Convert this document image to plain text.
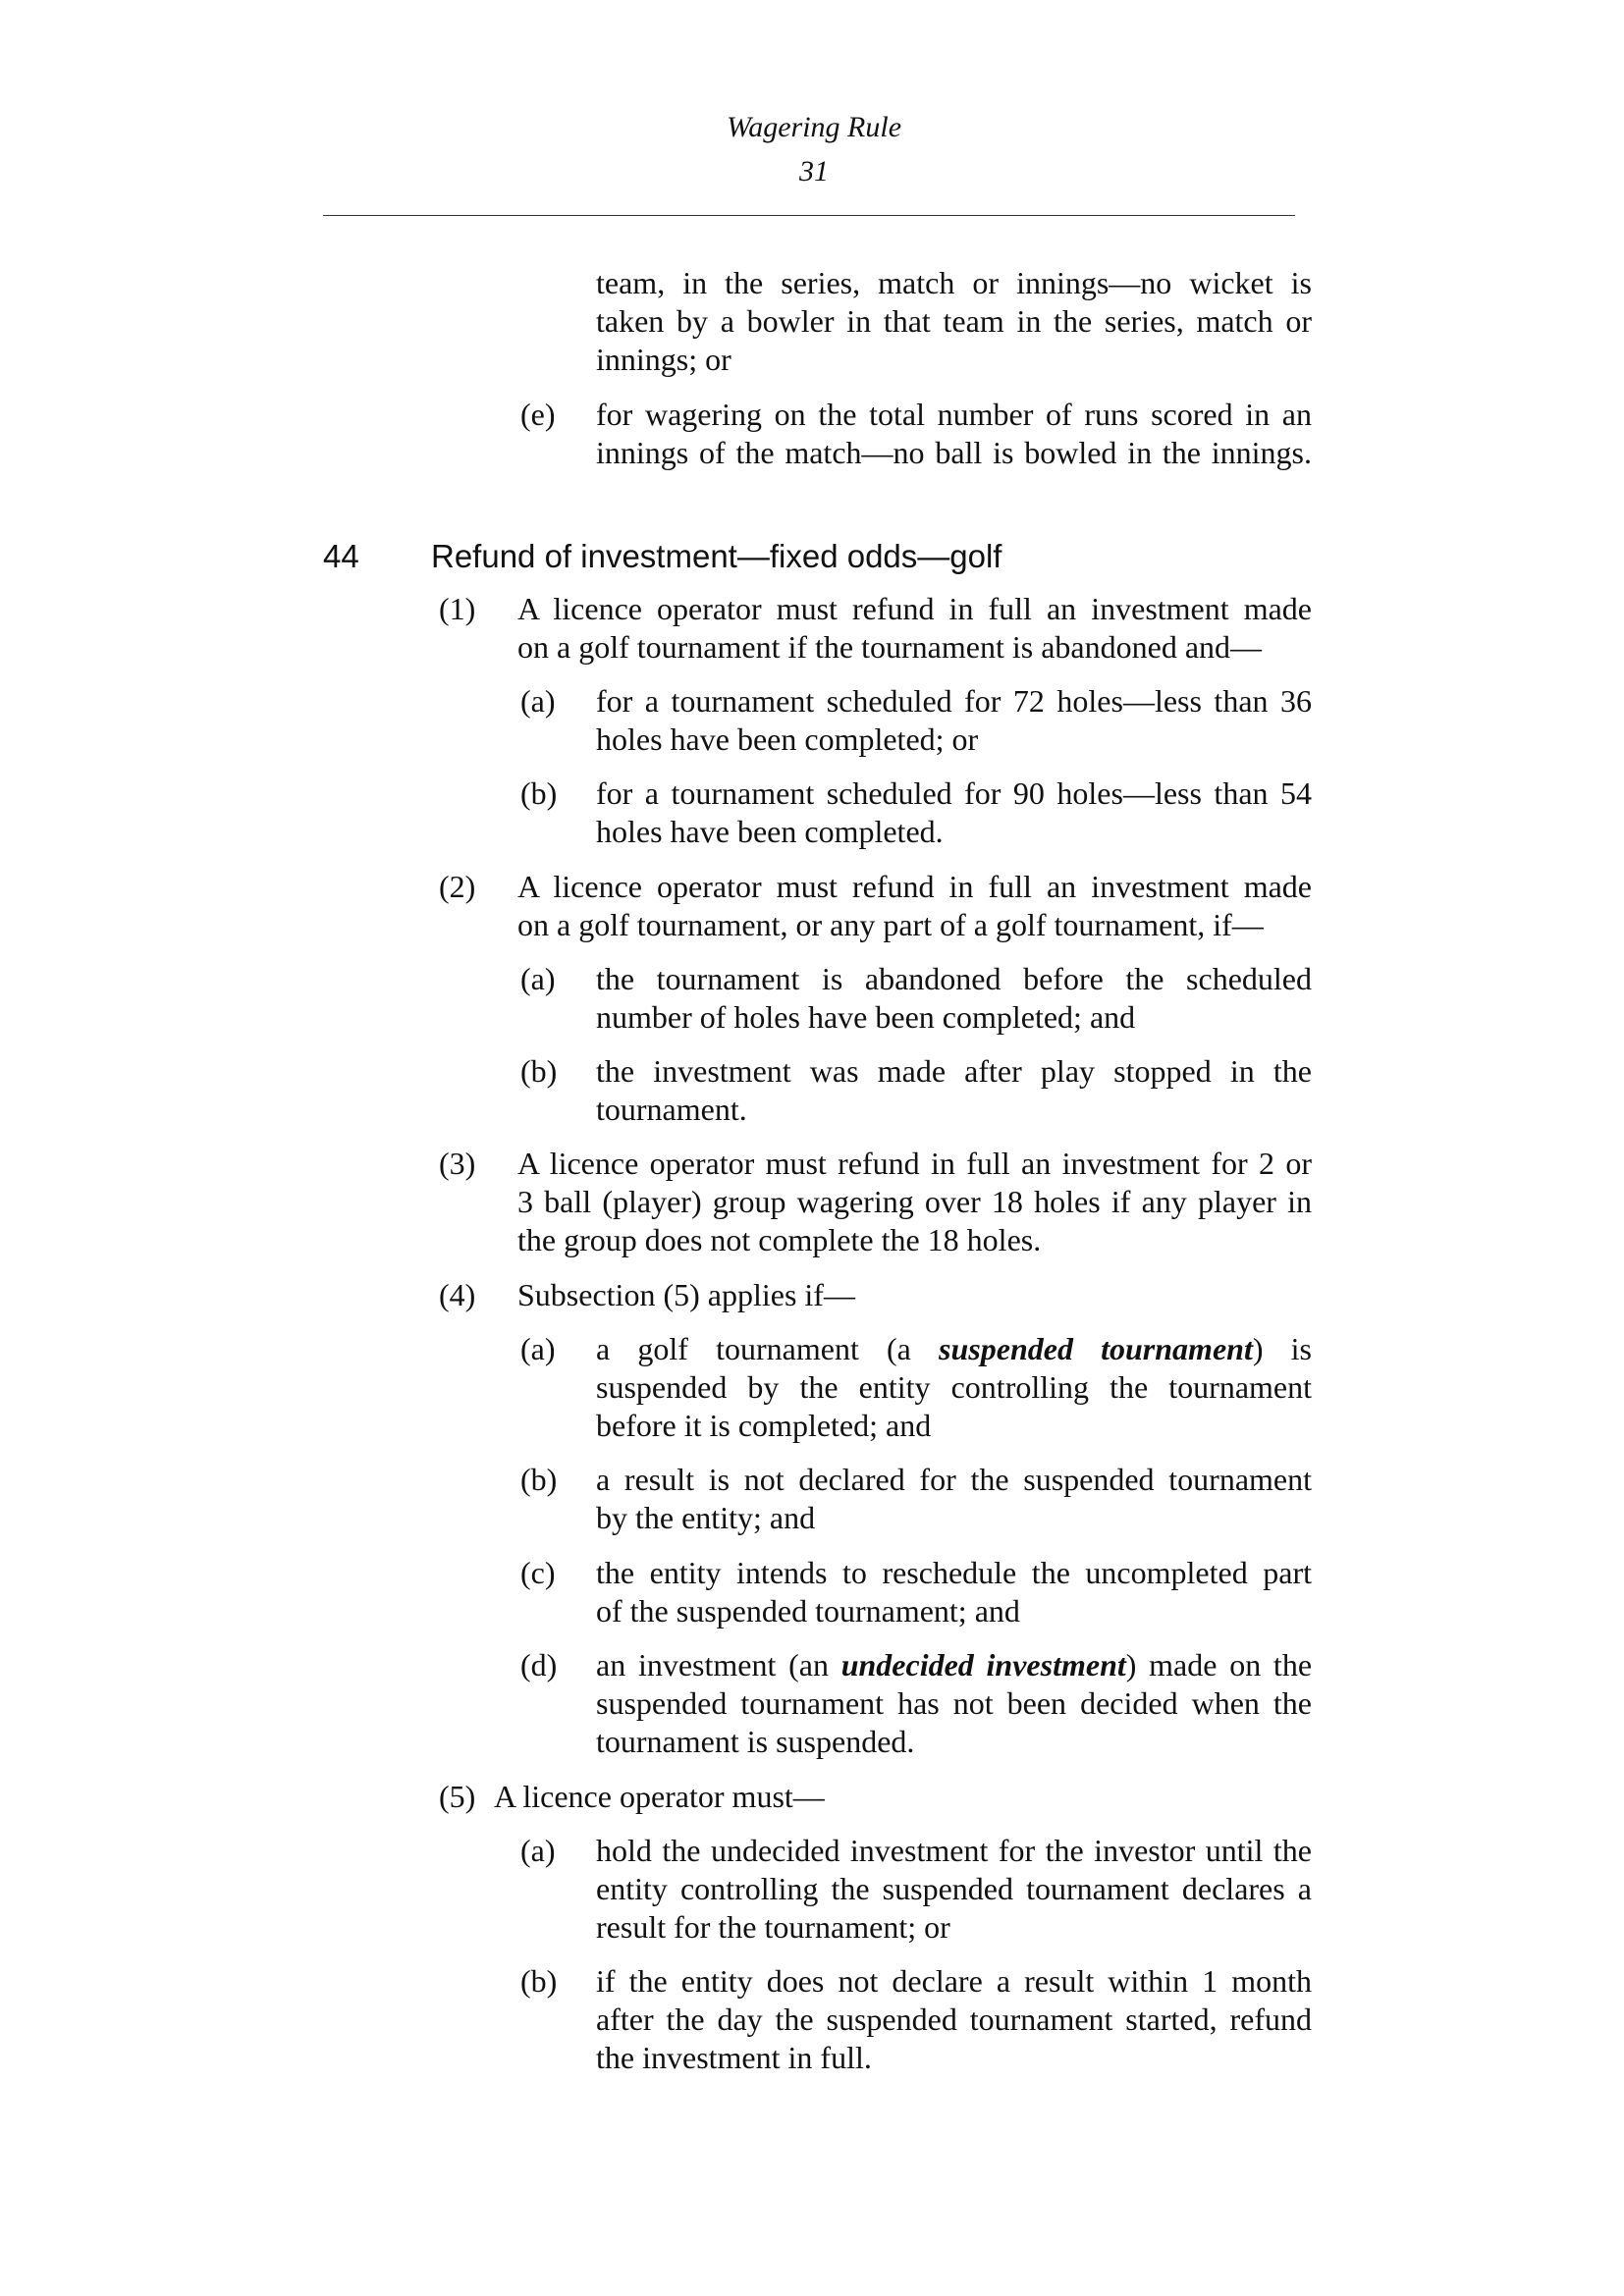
Wagering Rule
31
team, in the series, match or innings—no wicket is
taken by a bowler in that team in the series, match or
innings; or
(e)	for wagering on the total number of runs scored in an
innings of the match—no ball is bowled in the innings.
44 Refund of investment—fixed odds—golf
(1)	A licence operator must refund in full an investment made
on a golf tournament if the tournament is abandoned and—
(a)	for a tournament scheduled for 72 holes—less than 36
holes have been completed; or
(b)	for a tournament scheduled for 90 holes—less than 54
holes have been completed.
(2)	A licence operator must refund in full an investment made
on a golf tournament, or any part of a golf tournament, if—
(a)	the tournament is abandoned before the scheduled
number of holes have been completed; and
(b)	the investment was made after play stopped in the
tournament.
(3)	A licence operator must refund in full an investment for 2 or
3 ball (player) group wagering over 18 holes if any player in
the group does not complete the 18 holes.
(4)	Subsection (5) applies if—
(a)	a golf tournament (a suspended tournament) is
suspended by the entity controlling the tournament
before it is completed; and
(b)	a result is not declared for the suspended tournament
by the entity; and
(c)	the entity intends to reschedule the uncompleted part
of the suspended tournament; and
(d)	an investment (an undecided investment) made on the
suspended tournament has not been decided when the
tournament is suspended.
(5) A licence operator must—
(a)	hold the undecided investment for the investor until the
entity controlling the suspended tournament declares a
result for the tournament; or
(b)	if the entity does not declare a result within 1 month
after the day the suspended tournament started, refund
the investment in full.
